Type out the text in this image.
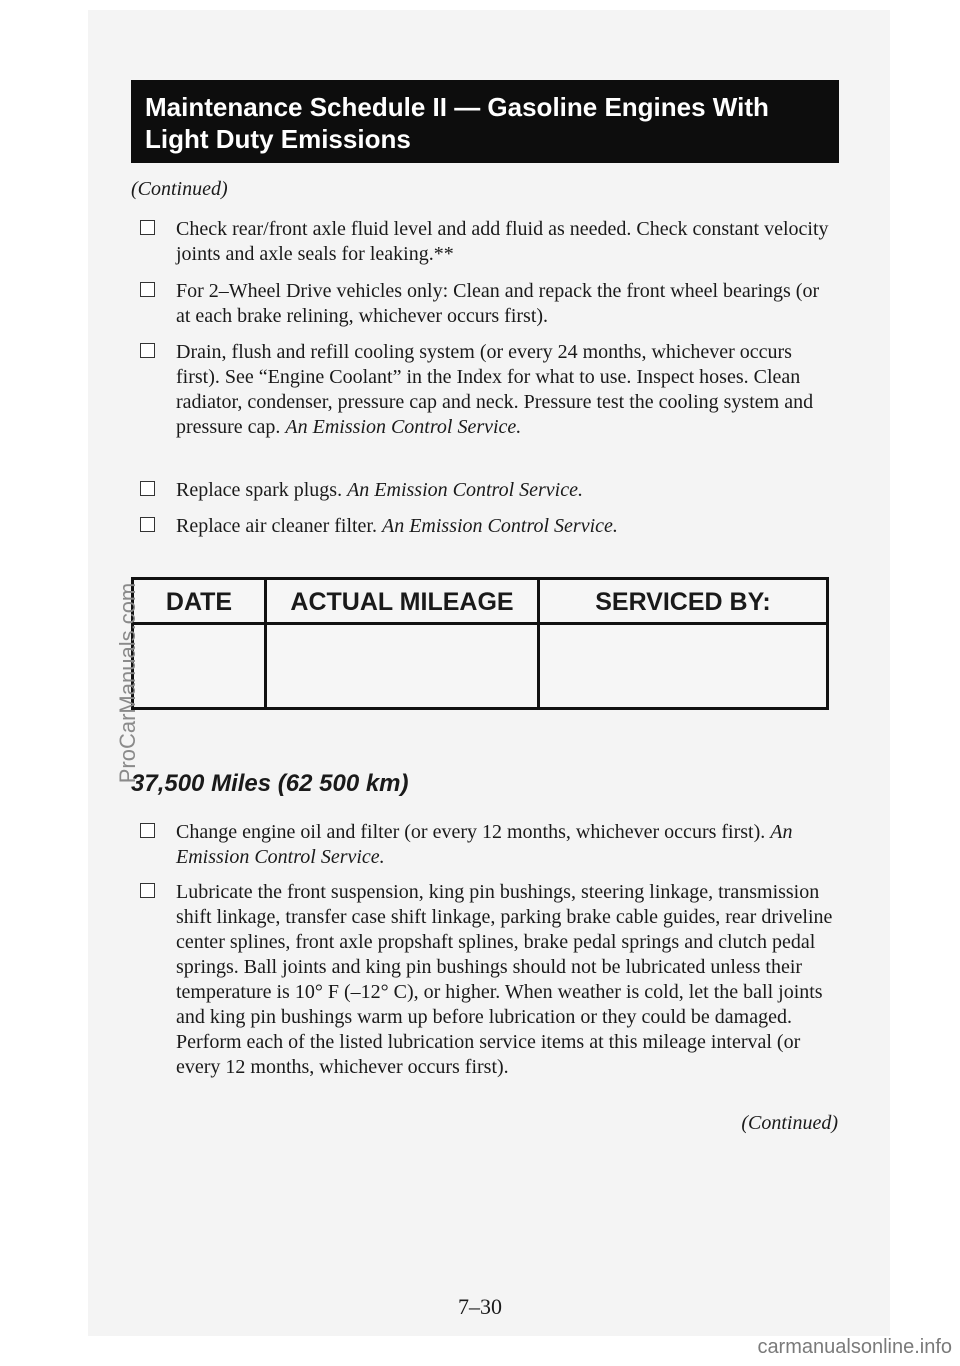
Maintenance Schedule II — Gasoline Engines With
Light Duty Emissions
(Continued)
Check rear/front axle fluid level and add fluid as needed. Check constant velocity joints and axle seals for leaking.**
For 2–Wheel Drive vehicles only: Clean and repack the front wheel bearings (or at each brake relining, whichever occurs first).
Drain, flush and refill cooling system (or every 24 months, whichever occurs first). See “Engine Coolant” in the Index for what to use. Inspect hoses. Clean radiator, condenser, pressure cap and neck. Pressure test the cooling system and pressure cap. An Emission Control Service.
Replace spark plugs. An Emission Control Service.
Replace air cleaner filter. An Emission Control Service.
DATE	ACTUAL MILEAGE	SERVICED BY:
37,500 Miles (62 500 km)
Change engine oil and filter (or every 12 months, whichever occurs first). An Emission Control Service.
Lubricate the front suspension, king pin bushings, steering linkage, transmission shift linkage, transfer case shift linkage, parking brake cable guides, rear driveline center splines, front axle propshaft splines, brake pedal springs and clutch pedal springs. Ball joints and king pin bushings should not be lubricated unless their temperature is 10° F (–12° C), or higher. When weather is cold, let the ball joints and king pin bushings warm up before lubrication or they could be damaged. Perform each of the listed lubrication service items at this mileage interval (or every 12 months, whichever occurs first).
(Continued)
7–30
ProCarManuals.com
carmanualsonline.info
